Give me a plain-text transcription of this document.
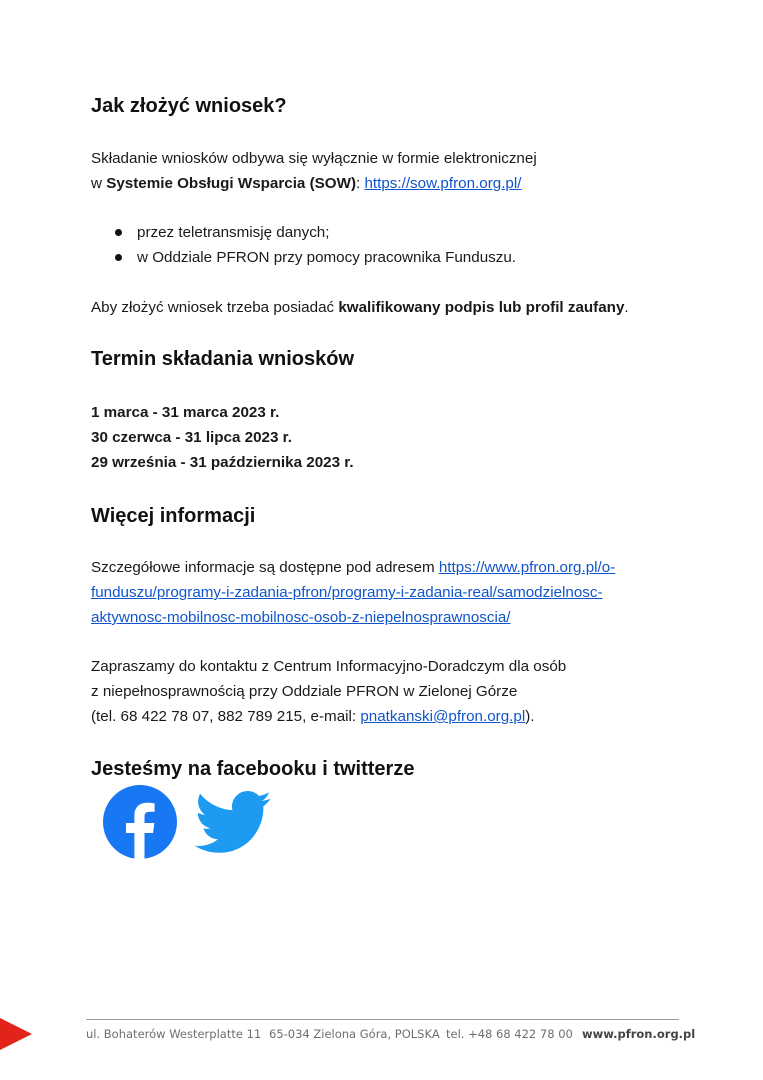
Jak złożyć wniosek?
Składanie wniosków odbywa się wyłącznie w formie elektronicznej
w Systemie Obsługi Wsparcia (SOW): https://sow.pfron.org.pl/
przez teletransmisję danych;
w Oddziale PFRON przy pomocy pracownika Funduszu.
Aby złożyć wniosek trzeba posiadać kwalifikowany podpis lub profil zaufany.
Termin składania wniosków
1 marca - 31 marca 2023 r.
30 czerwca - 31 lipca 2023 r.
29 września - 31 października 2023 r.
Więcej informacji
Szczegółowe informacje są dostępne pod adresem https://www.pfron.org.pl/o-
funduszu/programy-i-zadania-pfron/programy-i-zadania-real/samodzielnosc-
aktywnosc-mobilnosc-mobilnosc-osob-z-niepelnosprawnoscia/
Zapraszamy do kontaktu z Centrum Informacyjno-Doradczym dla osób
z niepełnosprawnością przy Oddziale PFRON w Zielonej Górze
(tel. 68 422 78 07, 882 789 215, e-mail: pnatkanski@pfron.org.pl).
Jesteśmy na facebooku i twitterze
ul. Bohaterów Westerplatte 11 65-034 Zielona Góra, POLSKA tel. +48 68 422 78 00 www.pfron.org.pl
